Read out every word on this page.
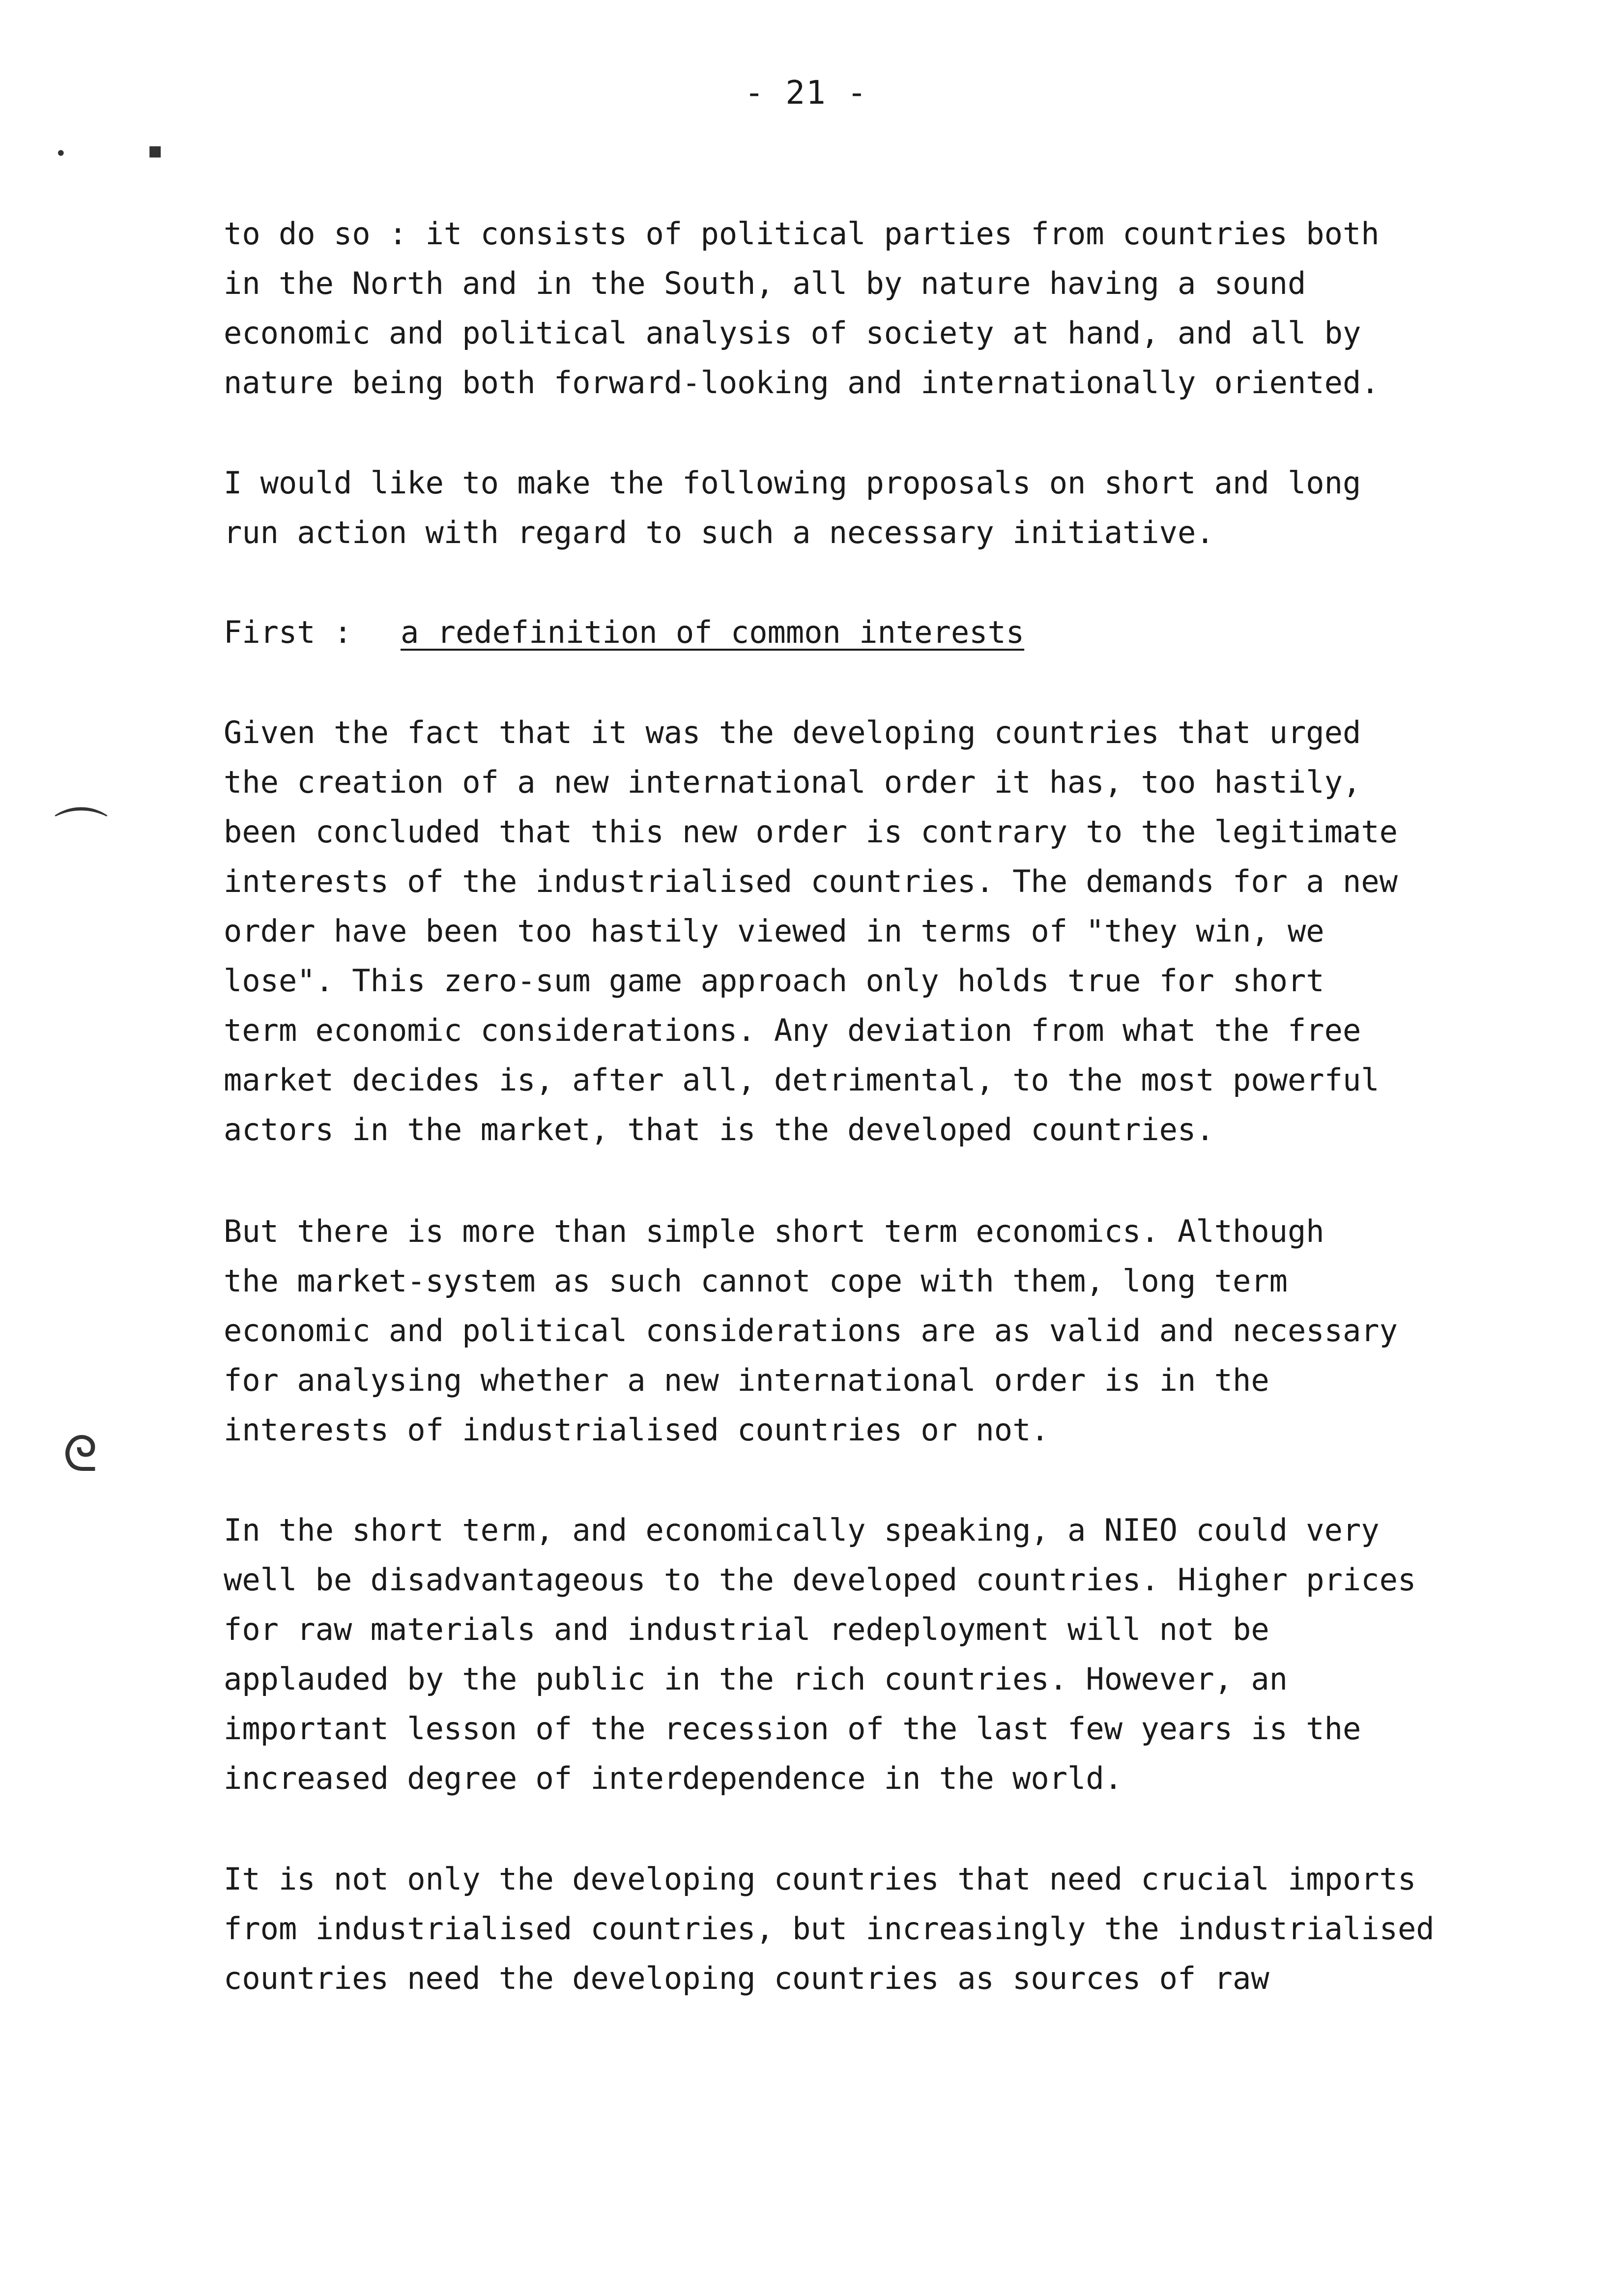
- 21 -
•	▪
⌒
ᘓ
to do so : it consists of political parties from countries both
in the North and in the South, all by nature having a sound
economic and political analysis of society at hand, and all by
nature being both forward-looking and internationally oriented.
I would like to make the following proposals on short and long
run action with regard to such a necessary initiative.
First : a redefinition of common interests
Given the fact that it was the developing countries that urged
the creation of a new international order it has, too hastily,
been concluded that this new order is contrary to the legitimate
interests of the industrialised countries. The demands for a new
order have been too hastily viewed in terms of "they win, we
lose". This zero-sum game approach only holds true for short
term economic considerations. Any deviation from what the free
market decides is, after all, detrimental, to the most powerful
actors in the market, that is the developed countries.
But there is more than simple short term economics. Although
the market-system as such cannot cope with them, long term
economic and political considerations are as valid and necessary
for analysing whether a new international order is in the
interests of industrialised countries or not.
In the short term, and economically speaking, a NIEO could very
well be disadvantageous to the developed countries. Higher prices
for raw materials and industrial redeployment will not be
applauded by the public in the rich countries. However, an
important lesson of the recession of the last few years is the
increased degree of interdependence in the world.
It is not only the developing countries that need crucial imports
from industrialised countries, but increasingly the industrialised
countries need the developing countries as sources of raw
